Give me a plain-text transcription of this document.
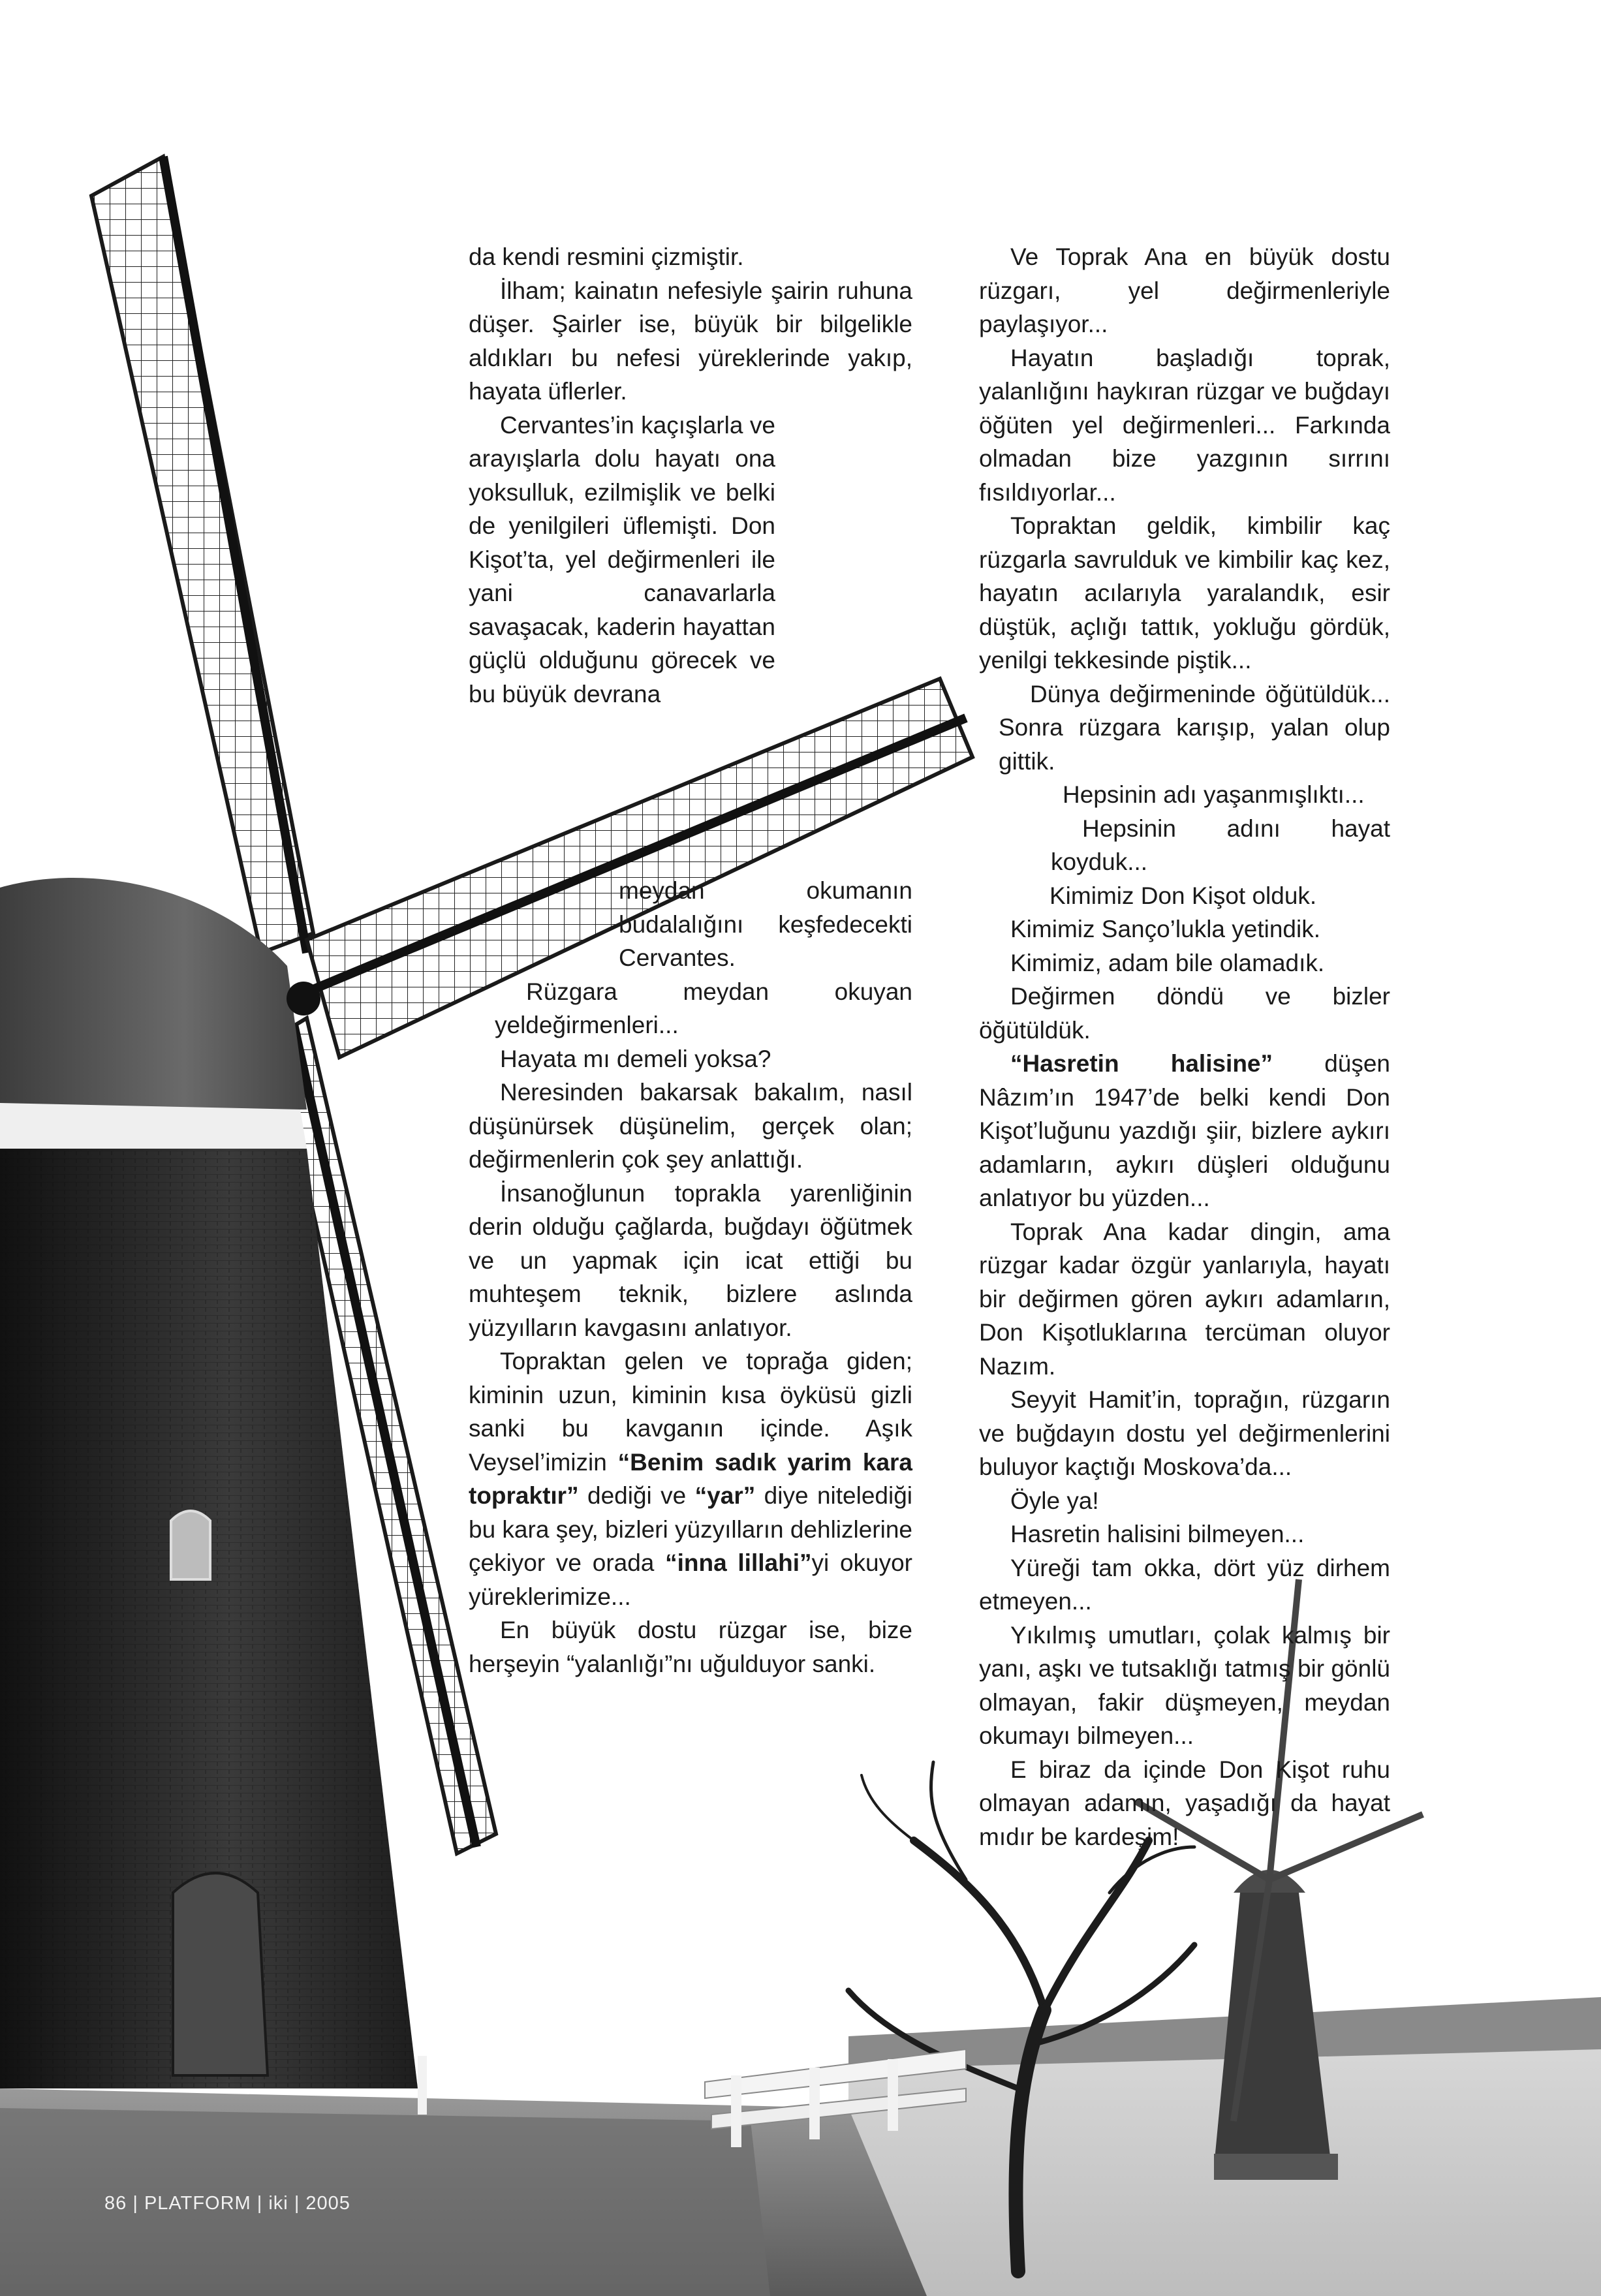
da kendi resmini çizmiştir.

İlham; kainatın nefesiyle şairin ruhuna düşer. Şairler ise, büyük bir bilgelikle aldıkları bu nefesi yüreklerinde yakıp, hayata üflerler.

Cervantes’in kaçışlarla ve arayışlarla dolu hayatı ona yoksulluk, ezilmişlik ve belki de yenilgileri üflemişti. Don Kişot’ta, yel değirmenleri ile yani canavarlarla savaşacak, kaderin hayattan güçlü olduğunu görecek ve bu büyük devrana

meydan okumanın budalalığını keşfedecekti Cervantes.

Rüzgara meydan okuyan yeldeğirmenleri...

Hayata mı demeli yoksa?

Neresinden bakarsak bakalım, nasıl düşünürsek düşünelim, gerçek olan; değirmenlerin çok şey anlattığı.

İnsanoğlunun toprakla yarenliğinin derin olduğu çağlarda, buğdayı öğütmek ve un yapmak için icat ettiği bu muhteşem teknik, bizlere aslında yüzyılların kavgasını anlatıyor.

Topraktan gelen ve toprağa giden; kiminin uzun, kiminin kısa öyküsü gizli sanki bu kavganın içinde. Aşık Veysel’imizin “Benim sadık yarim kara topraktır” dediği ve “yar” diye nitelediği bu kara şey, bizleri yüzyılların dehlizlerine çekiyor ve orada “inna lillahi”yi okuyor yüreklerimize...

En büyük dostu rüzgar ise, bize herşeyin “yalanlığı”nı uğulduyor sanki.

Ve Toprak Ana en büyük dostu rüzgarı, yel değirmenleriyle paylaşıyor...

Hayatın başladığı toprak, yalanlığını haykıran rüzgar ve buğdayı öğüten yel değirmenleri... Farkında olmadan bize yazgının sırrını fısıldıyorlar...

Topraktan geldik, kimbilir kaç rüzgarla savrulduk ve kimbilir kaç kez, hayatın acılarıyla yaralandık, esir düştük, açlığı tattık, yokluğu gördük, yenilgi tekkesinde piştik...

Dünya değirmeninde öğütüldük... Sonra rüzgara karışıp, yalan olup gittik.

Hepsinin adı yaşanmışlıktı...

Hepsinin adını hayat koyduk...

Kimimiz Don Kişot olduk.

Kimimiz Sanço’lukla yetindik.

Kimimiz, adam bile olamadık.

Değirmen döndü ve bizler öğütüldük.

“Hasretin halisine” düşen Nâzım’ın 1947’de belki kendi Don Kişot’luğunu yazdığı şiir, bizlere aykırı adamların, aykırı düşleri olduğunu anlatıyor bu yüzden...

Toprak Ana kadar dingin, ama rüzgar kadar özgür yanlarıyla, hayatı bir değirmen gören aykırı adamların, Don Kişotluklarına tercüman oluyor Nazım.

Seyyit Hamit’in, toprağın, rüzgarın ve buğdayın dostu yel değirmenlerini buluyor kaçtığı Moskova’da...

Öyle ya!

Hasretin halisini bilmeyen...

Yüreği tam okka, dört yüz dirhem etmeyen...

Yıkılmış umutları, çolak kalmış bir yanı, aşkı ve tutsaklığı tatmış bir gönlü olmayan, fakir düşmeyen, meydan okumayı bilmeyen...

E biraz da içinde Don Kişot ruhu olmayan adamın, yaşadığı da hayat mıdır be kardeşim!

86 | PLATFORM | iki | 2005
